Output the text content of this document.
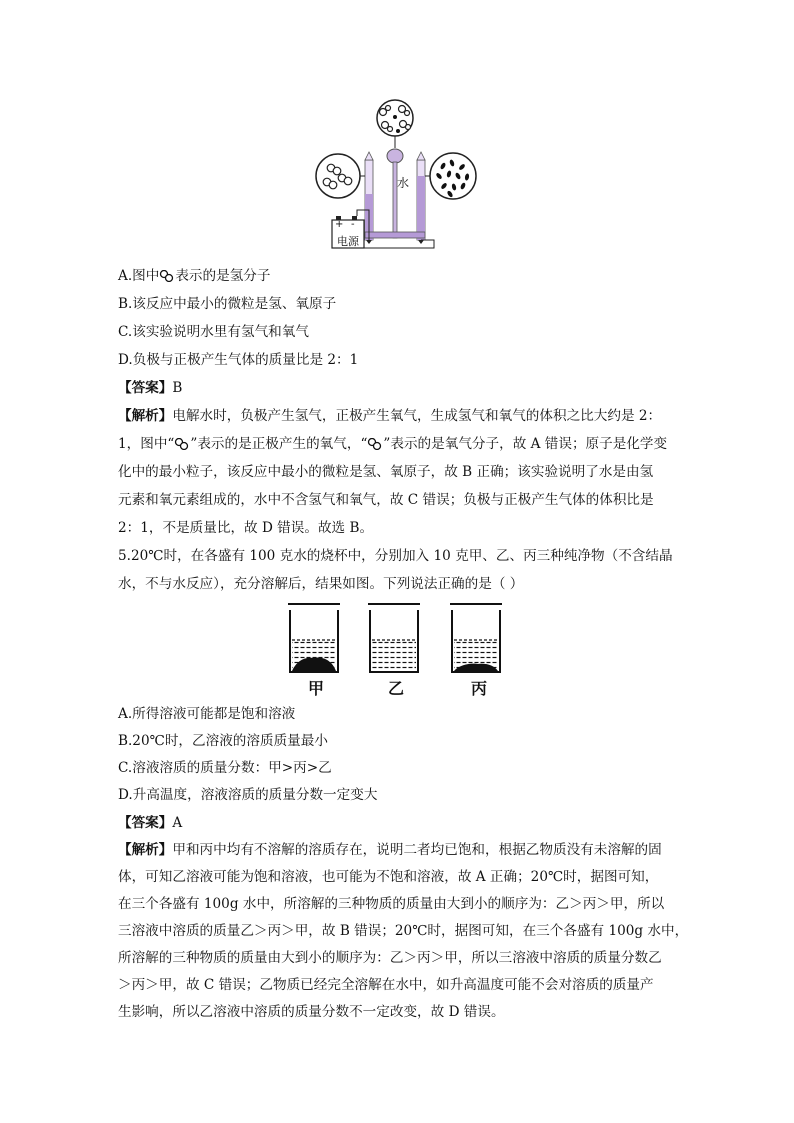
水
+ -
电源
A.图中 表示的是氢分子
B.该反应中最小的微粒是氢、氧原子
C.该实验说明水里有氢气和氧气
D.负极与正极产生气体的质量比是 2：1
【答案】B
【解析】电解水时，负极产生氢气，正极产生氧气，生成氢气和氧气的体积之比大约是 2：
1，图中“ ”表示的是正极产生的氧气，“ ”表示的是氧气分子，故 A 错误；原子是化学变
化中的最小粒子，该反应中最小的微粒是氢、氧原子，故 B 正确；该实验说明了水是由氢
元素和氧元素组成的，水中不含氢气和氧气，故 C 错误；负极与正极产生气体的体积比是
2：1，不是质量比，故 D 错误。故选 B。
5.20℃时，在各盛有 100 克水的烧杯中，分别加入 10 克甲、乙、丙三种纯净物（不含结晶
水，不与水反应），充分溶解后，结果如图。下列说法正确的是（ ）
甲	乙	丙
A.所得溶液可能都是饱和溶液
B.20℃时，乙溶液的溶质质量最小
C.溶液溶质的质量分数：甲>丙>乙
D.升高温度，溶液溶质的质量分数一定变大
【答案】A
【解析】甲和丙中均有不溶解的溶质存在，说明二者均已饱和，根据乙物质没有未溶解的固
体，可知乙溶液可能为饱和溶液，也可能为不饱和溶液，故 A 正确；20℃时，据图可知，
在三个各盛有 100g 水中，所溶解的三种物质的质量由大到小的顺序为：乙＞丙＞甲，所以
三溶液中溶质的质量乙＞丙＞甲，故 B 错误；20℃时，据图可知，在三个各盛有 100g 水中，
所溶解的三种物质的质量由大到小的顺序为：乙＞丙＞甲，所以三溶液中溶质的质量分数乙
＞丙＞甲，故 C 错误；乙物质已经完全溶解在水中，如升高温度可能不会对溶质的质量产
生影响，所以乙溶液中溶质的质量分数不一定改变，故 D 错误。
